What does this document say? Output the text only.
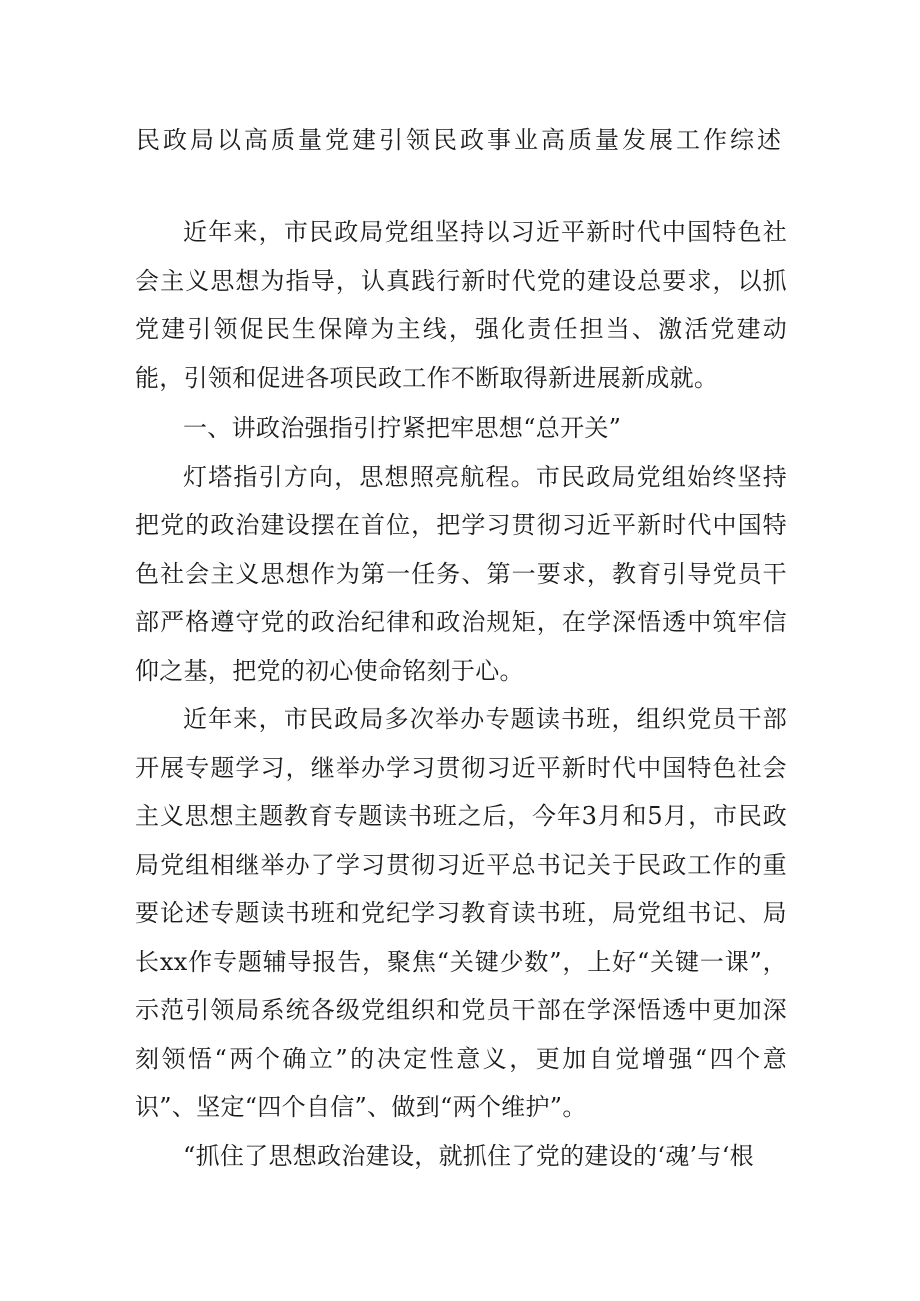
民政局以高质量党建引领民政事业高质量发展工作综述

近年来，市民政局党组坚持以习近平新时代中国特色社会主义思想为指导，认真践行新时代党的建设总要求，以抓党建引领促民生保障为主线，强化责任担当、激活党建动能，引领和促进各项民政工作不断取得新进展新成就。

一、讲政治强指引拧紧把牢思想“总开关”

灯塔指引方向，思想照亮航程。市民政局党组始终坚持把党的政治建设摆在首位，把学习贯彻习近平新时代中国特色社会主义思想作为第一任务、第一要求，教育引导党员干部严格遵守党的政治纪律和政治规矩，在学深悟透中筑牢信仰之基，把党的初心使命铭刻于心。

近年来，市民政局多次举办专题读书班，组织党员干部开展专题学习，继举办学习贯彻习近平新时代中国特色社会主义思想主题教育专题读书班之后，今年3月和5月，市民政局党组相继举办了学习贯彻习近平总书记关于民政工作的重要论述专题读书班和党纪学习教育读书班，局党组书记、局长xx作专题辅导报告，聚焦“关键少数”，上好“关键一课”，示范引领局系统各级党组织和党员干部在学深悟透中更加深刻领悟“两个确立”的决定性意义，更加自觉增强“四个意识”、坚定“四个自信”、做到“两个维护”。

“抓住了思想政治建设，就抓住了党的建设的‘魂’与‘根
